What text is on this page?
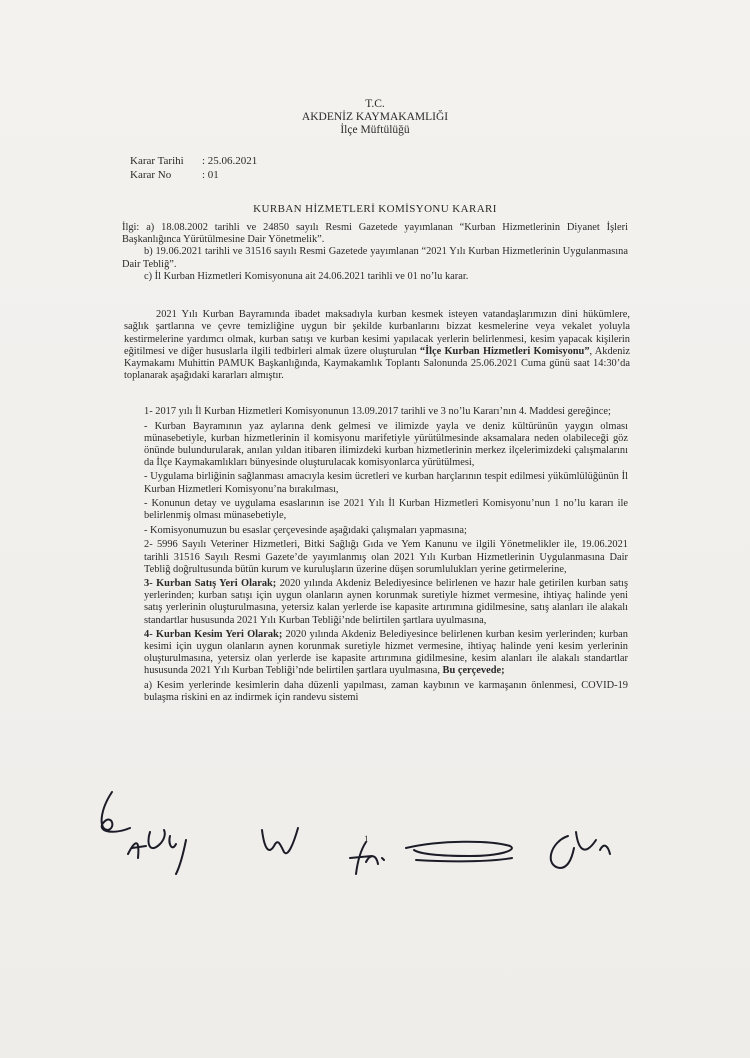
T.C.
AKDENİZ KAYMAKAMLIĞI
İlçe Müftülüğü
Karar Tarihi : 25.06.2021
Karar No	: 01
KURBAN HİZMETLERİ KOMİSYONU KARARI

İlgi: a) 18.08.2002 tarihli ve 24850 sayılı Resmi Gazetede yayımlanan “Kurban Hizmetlerinin Diyanet İşleri Başkanlığınca Yürütülmesine Dair Yönetmelik”.

b) 19.06.2021 tarihli ve 31516 sayılı Resmi Gazetede yayımlanan “2021 Yılı Kurban Hizmetlerinin Uygulanmasına Dair Tebliğ”.

c) İl Kurban Hizmetleri Komisyonuna ait 24.06.2021 tarihli ve 01 no’lu karar.

2021 Yılı Kurban Bayramında ibadet maksadıyla kurban kesmek isteyen vatandaşlarımızın dini hükümlere, sağlık şartlarına ve çevre temizliğine uygun bir şekilde kurbanlarını bizzat kesmelerine veya vekalet yoluyla kestirmelerine yardımcı olmak, kurban satışı ve kurban kesimi yapılacak yerlerin belirlenmesi, kesim yapacak kişilerin eğitilmesi ve diğer hususlarla ilgili tedbirleri almak üzere oluşturulan “İlçe Kurban Hizmetleri Komisyonu”, Akdeniz Kaymakamı Muhittin PAMUK Başkanlığında, Kaymakamlık Toplantı Salonunda 25.06.2021 Cuma günü saat 14:30’da toplanarak aşağıdaki kararları almıştır.

1- 2017 yılı İl Kurban Hizmetleri Komisyonunun 13.09.2017 tarihli ve 3 no’lu Kararı’nın 4. Maddesi gereğince;

- Kurban Bayramının yaz aylarına denk gelmesi ve ilimizde yayla ve deniz kültürünün yaygın olması münasebetiyle, kurban hizmetlerinin il komisyonu marifetiyle yürütülmesinde aksamalara neden olabileceği göz önünde bulundurularak, anılan yıldan itibaren ilimizdeki kurban hizmetlerinin merkez ilçelerimizdeki çalışmalarını da İlçe Kaymakamlıkları bünyesinde oluşturulacak komisyonlarca yürütülmesi,

- Uygulama birliğinin sağlanması amacıyla kesim ücretleri ve kurban harçlarının tespit edilmesi yükümlülüğünün İl Kurban Hizmetleri Komisyonu’na bırakılması,

- Konunun detay ve uygulama esaslarının ise 2021 Yılı İl Kurban Hizmetleri Komisyonu’nun 1 no’lu kararı ile belirlenmiş olması münasebetiyle,

- Komisyonumuzun bu esaslar çerçevesinde aşağıdaki çalışmaları yapmasına;

2- 5996 Sayılı Veteriner Hizmetleri, Bitki Sağlığı Gıda ve Yem Kanunu ve ilgili Yönetmelikler ile, 19.06.2021 tarihli 31516 Sayılı Resmi Gazete’de yayımlanmış olan 2021 Yılı Kurban Hizmetlerinin Uygulanmasına Dair Tebliğ doğrultusunda bütün kurum ve kuruluşların üzerine düşen sorumlulukları yerine getirmelerine,

3- Kurban Satış Yeri Olarak; 2020 yılında Akdeniz Belediyesince belirlenen ve hazır hale getirilen kurban satış yerlerinden; kurban satışı için uygun olanların aynen korunmak suretiyle hizmet vermesine, ihtiyaç halinde yeni satış yerlerinin oluşturulmasına, yetersiz kalan yerlerde ise kapasite artırımına gidilmesine, satış alanları ile alakalı standartlar hususunda 2021 Yılı Kurban Tebliği’nde belirtilen şartlara uyulmasına,

4- Kurban Kesim Yeri Olarak; 2020 yılında Akdeniz Belediyesince belirlenen kurban kesim yerlerinden; kurban kesimi için uygun olanların aynen korunmak suretiyle hizmet vermesine, ihtiyaç halinde yeni kesim yerlerinin oluşturulmasına, yetersiz olan yerlerde ise kapasite artırımına gidilmesine, kesim alanları ile alakalı standartlar hususunda 2021 Yılı Kurban Tebliği’nde belirtilen şartlara uyulmasına, Bu çerçevede;

a) Kesim yerlerinde kesimlerin daha düzenli yapılması, zaman kaybının ve karmaşanın önlenmesi, COVID-19 bulaşma riskini en az indirmek için randevu sistemi

1
